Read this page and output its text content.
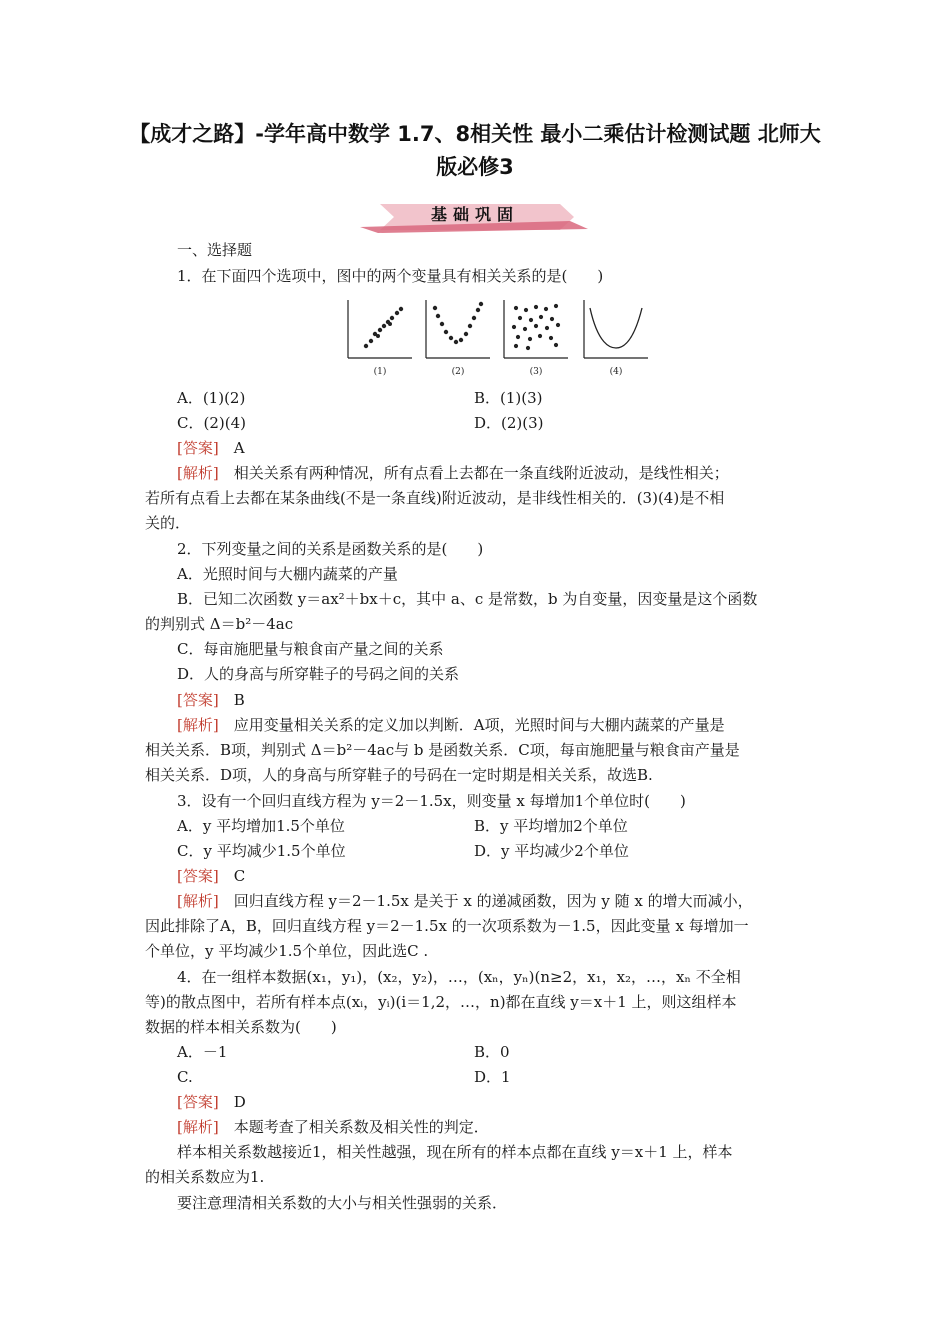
【成才之路】-学年高中数学 1.7、8相关性 最小二乘估计检测试题 北师大版必修3
基础巩固
一、选择题
1．在下面四个选项中，图中的两个变量具有相关关系的是(　　)
(1)	(2)	(3)	(4)
A．(1)(2)	B．(1)(3)
C．(2)(4)	D．(2)(3)
[答案]　 A
[解析]　 相关关系有两种情况，所有点看上去都在一条直线附近波动，是线性相关；
若所有点看上去都在某条曲线(不是一条直线)附近波动，是非线性相关的．(3)(4)是不相
关的．
2．下列变量之间的关系是函数关系的是(　　)
A．光照时间与大棚内蔬菜的产量
B．已知二次函数 y＝ax²＋bx＋c，其中 a、c 是常数，b 为自变量，因变量是这个函数
的判别式 Δ＝b²－4ac
C．每亩施肥量与粮食亩产量之间的关系
D．人的身高与所穿鞋子的号码之间的关系
[答案]　 B
[解析]　 应用变量相关关系的定义加以判断．A项，光照时间与大棚内蔬菜的产量是
相关关系．B项，判别式 Δ＝b²－4ac与 b 是函数关系．C项，每亩施肥量与粮食亩产量是
相关关系．D项，人的身高与所穿鞋子的号码在一定时期是相关关系，故选B.
3．设有一个回归直线方程为 y＝2－1.5x，则变量 x 每增加1个单位时(　　)
A．y 平均增加1.5个单位	B．y 平均增加2个单位
C．y 平均减少1.5个单位	D．y 平均减少2个单位
[答案]　 C
[解析]　 回归直线方程 y＝2－1.5x 是关于 x 的递减函数，因为 y 随 x 的增大而减小，
因此排除了A，B，回归直线方程 y＝2－1.5x 的一次项系数为－1.5，因此变量 x 每增加一
个单位，y 平均减少1.5个单位，因此选C .
4．在一组样本数据(x₁，y₁)，(x₂，y₂)，…，(xₙ，yₙ)(n≥2，x₁，x₂，…，xₙ 不全相
等)的散点图中，若所有样本点(xᵢ，yᵢ)(i＝1,2，…，n)都在直线 y＝x＋1 上，则这组样本
数据的样本相关系数为(　　)
A．－1	B．0
C.	D．1
[答案]　 D
[解析]　 本题考查了相关系数及相关性的判定．
样本相关系数越接近1，相关性越强，现在所有的样本点都在直线 y＝x＋1 上，样本
的相关系数应为1.
要注意理清相关系数的大小与相关性强弱的关系．
